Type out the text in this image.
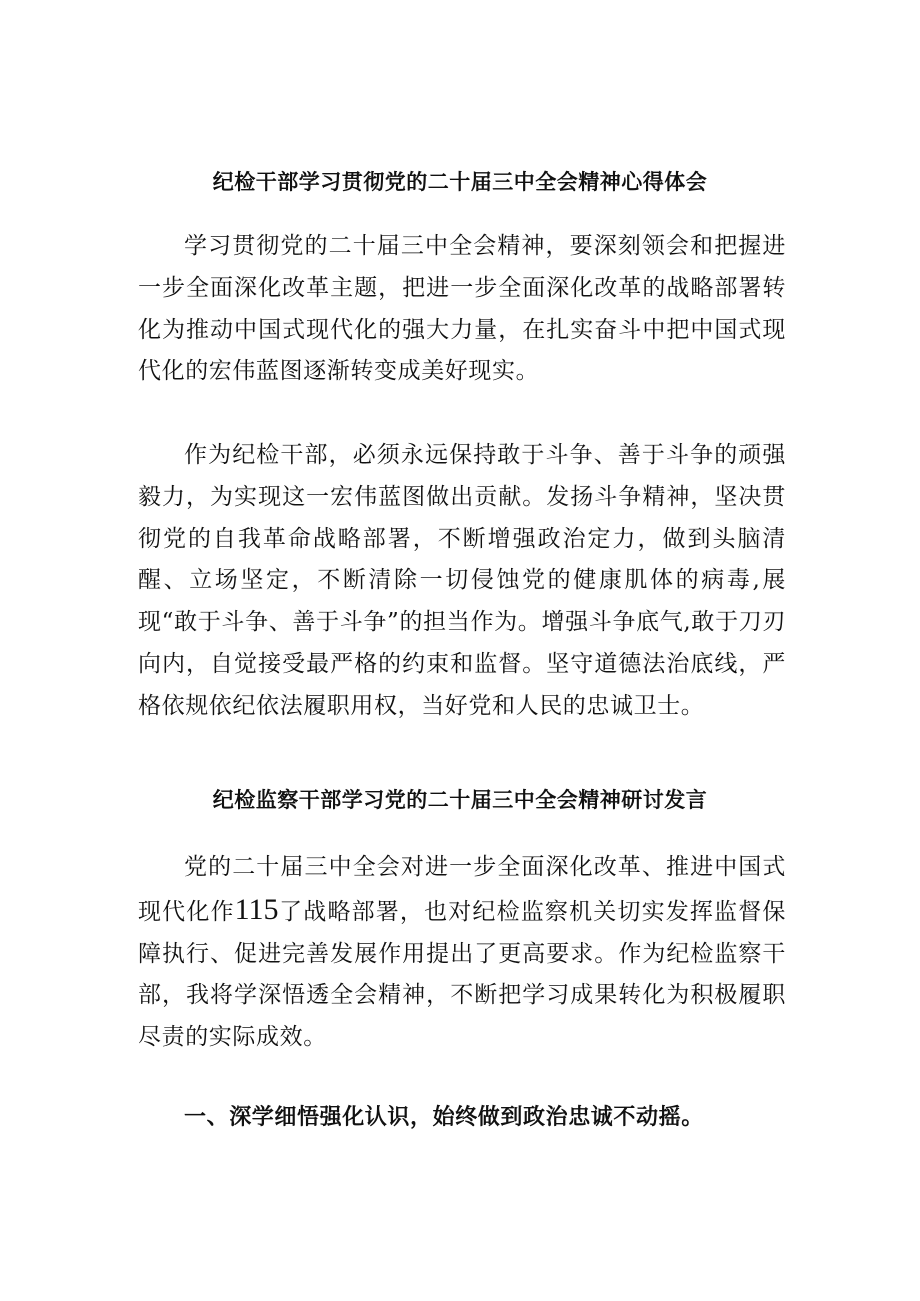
纪检干部学习贯彻党的二十届三中全会精神心得体会

学习贯彻党的二十届三中全会精神，要深刻领会和把握进一步全面深化改革主题，把进一步全面深化改革的战略部署转化为推动中国式现代化的强大力量，在扎实奋斗中把中国式现代化的宏伟蓝图逐渐转变成美好现实。

作为纪检干部，必须永远保持敢于斗争、善于斗争的顽强毅力，为实现这一宏伟蓝图做出贡献。发扬斗争精神，坚决贯彻党的自我革命战略部署，不断增强政治定力，做到头脑清醒、立场坚定，不断清除一切侵蚀党的健康肌体的病毒,展现“敢于斗争、善于斗争”的担当作为。增强斗争底气,敢于刀刃向内，自觉接受最严格的约束和监督。坚守道德法治底线，严格依规依纪依法履职用权，当好党和人民的忠诚卫士。

纪检监察干部学习党的二十届三中全会精神研讨发言

党的二十届三中全会对进一步全面深化改革、推进中国式现代化作115了战略部署，也对纪检监察机关切实发挥监督保障执行、促进完善发展作用提出了更高要求。作为纪检监察干部，我将学深悟透全会精神，不断把学习成果转化为积极履职尽责的实际成效。

一、深学细悟强化认识，始终做到政治忠诚不动摇。
